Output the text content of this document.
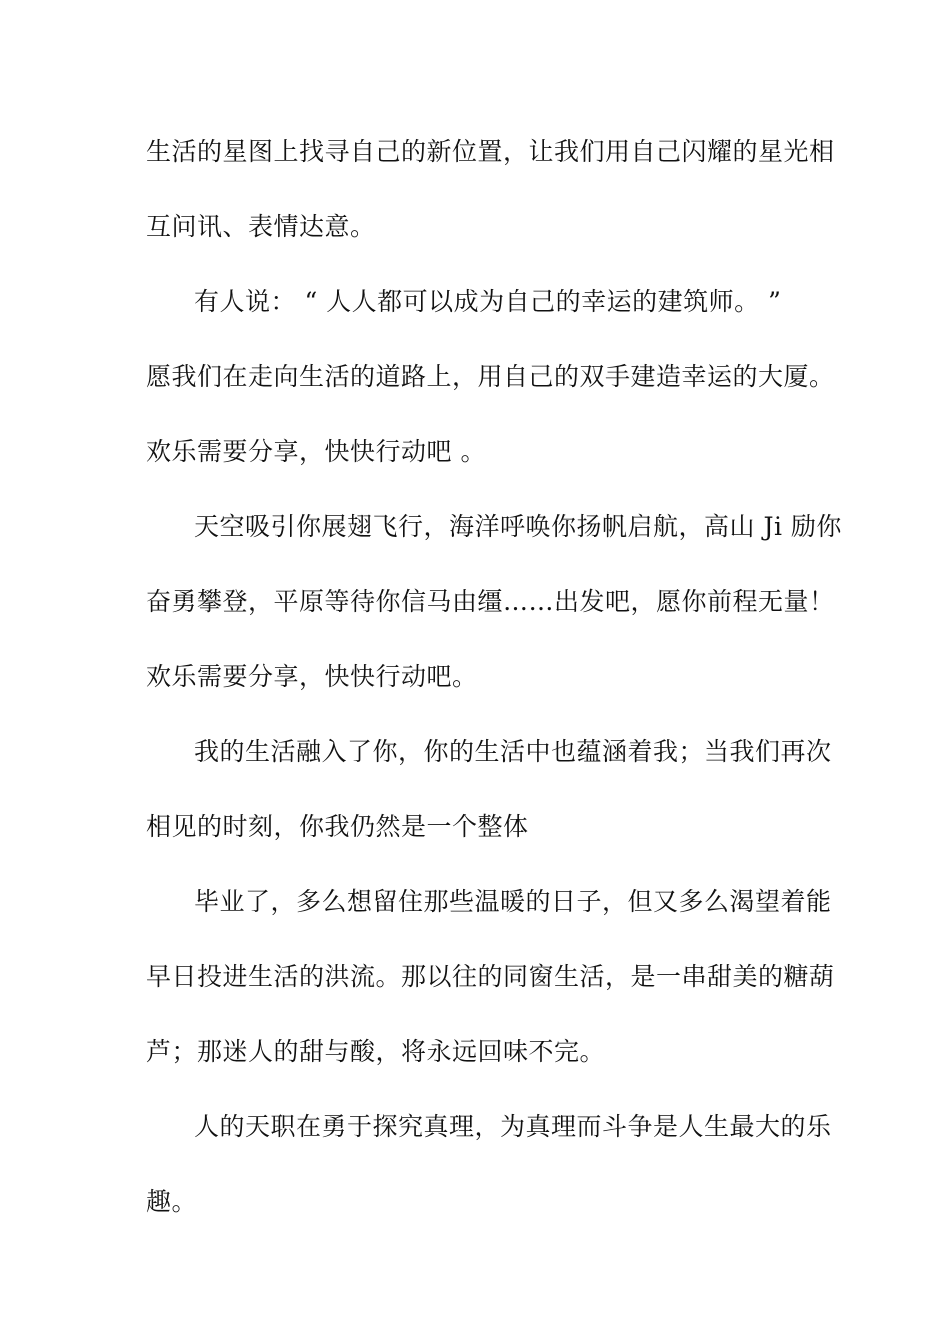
生活的星图上找寻自己的新位置，让我们用自己闪耀的星光相
互问讯、表情达意。
有人说： “ 人人都可以成为自己的幸运的建筑师。 ”
愿我们在走向生活的道路上，用自己的双手建造幸运的大厦。
欢乐需要分享，快快行动吧 。
天空吸引你展翅飞行，海洋呼唤你扬帆启航，高山 Ji 励你
奋勇攀登，平原等待你信马由缰……出发吧，愿你前程无量！
欢乐需要分享，快快行动吧。
我的生活融入了你，你的生活中也蕴涵着我；当我们再次
相见的时刻，你我仍然是一个整体
毕业了，多么想留住那些温暖的日子，但又多么渴望着能
早日投进生活的洪流。那以往的同窗生活，是一串甜美的糖葫
芦；那迷人的甜与酸，将永远回味不完。
人的天职在勇于探究真理，为真理而斗争是人生最大的乐
趣。
